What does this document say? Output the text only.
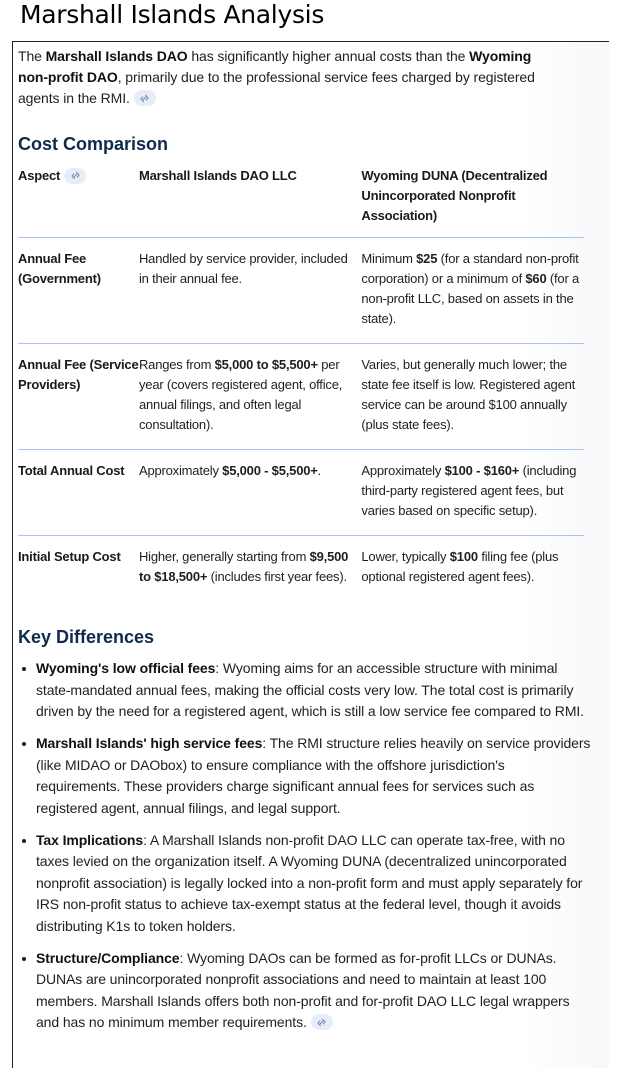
Marshall Islands Analysis

The Marshall Islands DAO has significantly higher annual costs than the Wyoming non-profit DAO, primarily due to the professional service fees charged by registered agents in the RMI.

Cost Comparison
Aspect	Marshall Islands DAO LLC	Wyoming DUNA (Decentralized Unincorporated Nonprofit Association)
Annual Fee (Government)	Handled by service provider, included in their annual fee.	Minimum $25 (for a standard non-profit corporation) or a minimum of $60 (for a non-profit LLC, based on assets in the state).
Annual Fee (Service Providers)	Ranges from $5,000 to $5,500+ per year (covers registered agent, office, annual filings, and often legal consultation).	Varies, but generally much lower; the state fee itself is low. Registered agent service can be around $100 annually (plus state fees).
Total Annual Cost	Approximately $5,000 - $5,500+.	Approximately $100 - $160+ (including third-party registered agent fees, but varies based on specific setup).
Initial Setup Cost	Higher, generally starting from $9,500 to $18,500+ (includes first year fees).	Lower, typically $100 filing fee (plus optional registered agent fees).
Key Differences
Wyoming's low official fees: Wyoming aims for an accessible structure with minimal state-mandated annual fees, making the official costs very low. The total cost is primarily driven by the need for a registered agent, which is still a low service fee compared to RMI.
Marshall Islands' high service fees: The RMI structure relies heavily on service providers (like MIDAO or DAObox) to ensure compliance with the offshore jurisdiction's requirements. These providers charge significant annual fees for services such as registered agent, annual filings, and legal support.
Tax Implications: A Marshall Islands non-profit DAO LLC can operate tax-free, with no taxes levied on the organization itself. A Wyoming DUNA (decentralized unincorporated nonprofit association) is legally locked into a non-profit form and must apply separately for IRS non-profit status to achieve tax-exempt status at the federal level, though it avoids distributing K1s to token holders.
Structure/Compliance: Wyoming DAOs can be formed as for-profit LLCs or DUNAs. DUNAs are unincorporated nonprofit associations and need to maintain at least 100 members. Marshall Islands offers both non-profit and for-profit DAO LLC legal wrappers and has no minimum member requirements.
